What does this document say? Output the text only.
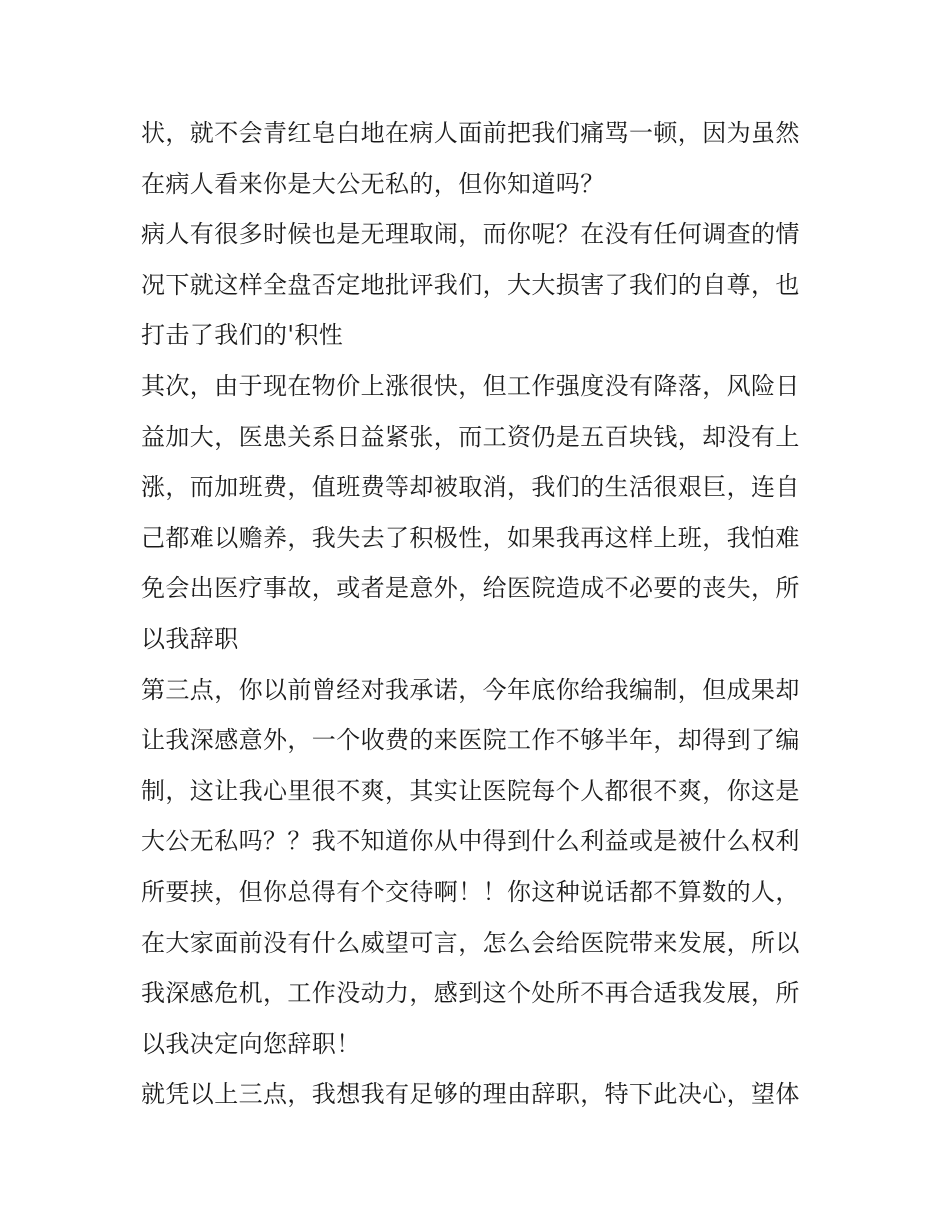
状，就不会青红皂白地在病人面前把我们痛骂一顿，因为虽然
在病人看来你是大公无私的，但你知道吗？
病人有很多时候也是无理取闹，而你呢？在没有任何调查的情
况下就这样全盘否定地批评我们，大大损害了我们的自尊，也
打击了我们的'积性
其次，由于现在物价上涨很快，但工作强度没有降落，风险日
益加大，医患关系日益紧张，而工资仍是五百块钱，却没有上
涨，而加班费，值班费等却被取消，我们的生活很艰巨，连自
己都难以赡养，我失去了积极性，如果我再这样上班，我怕难
免会出医疗事故，或者是意外，给医院造成不必要的丧失，所
以我辞职
第三点，你以前曾经对我承诺，今年底你给我编制，但成果却
让我深感意外，一个收费的来医院工作不够半年，却得到了编
制，这让我心里很不爽，其实让医院每个人都很不爽，你这是
大公无私吗？？我不知道你从中得到什么利益或是被什么权利
所要挟，但你总得有个交待啊！！你这种说话都不算数的人，
在大家面前没有什么威望可言，怎么会给医院带来发展，所以
我深感危机，工作没动力，感到这个处所不再合适我发展，所
以我决定向您辞职！
就凭以上三点，我想我有足够的理由辞职，特下此决心，望体
